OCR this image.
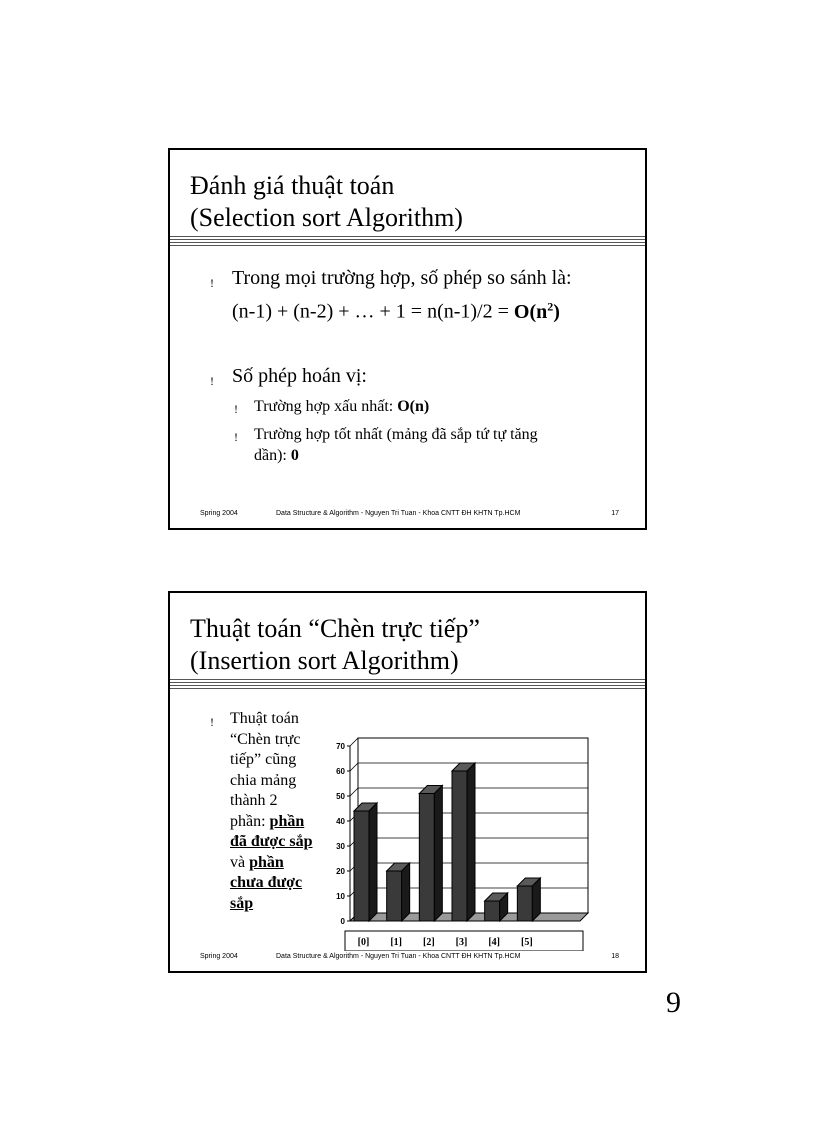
Đánh giá thuật toán
(Selection sort Algorithm)
! Trong mọi trường hợp, số phép so sánh là:
(n-1) + (n-2) + … + $1 = n(n-1)/2 = O(n^2)$
! Số phép hoán vị:
! Trường hợp xấu nhất: O(n)
! Trường hợp tốt nhất (mảng đã sắp tứ tự tăng
dần): 0
Spring 2004	Data Structure & Algorithm - Nguyen Tri Tuan - Khoa CNTT ĐH KHTN Tp.HCM	17
Thuật toán “Chèn trực tiếp”
(Insertion sort Algorithm)
! Thuật toán
“Chèn trực
tiếp” cũng
chia mảng
thành 2
phần: phần
đã được sắp
và phần
chưa được
sắp
0
10
20
30
40
50
60
70
[0] [1] [2] [3] [4] [5]
Spring 2004	Data Structure & Algorithm - Nguyen Tri Tuan - Khoa CNTT ĐH KHTN Tp.HCM	18
9
